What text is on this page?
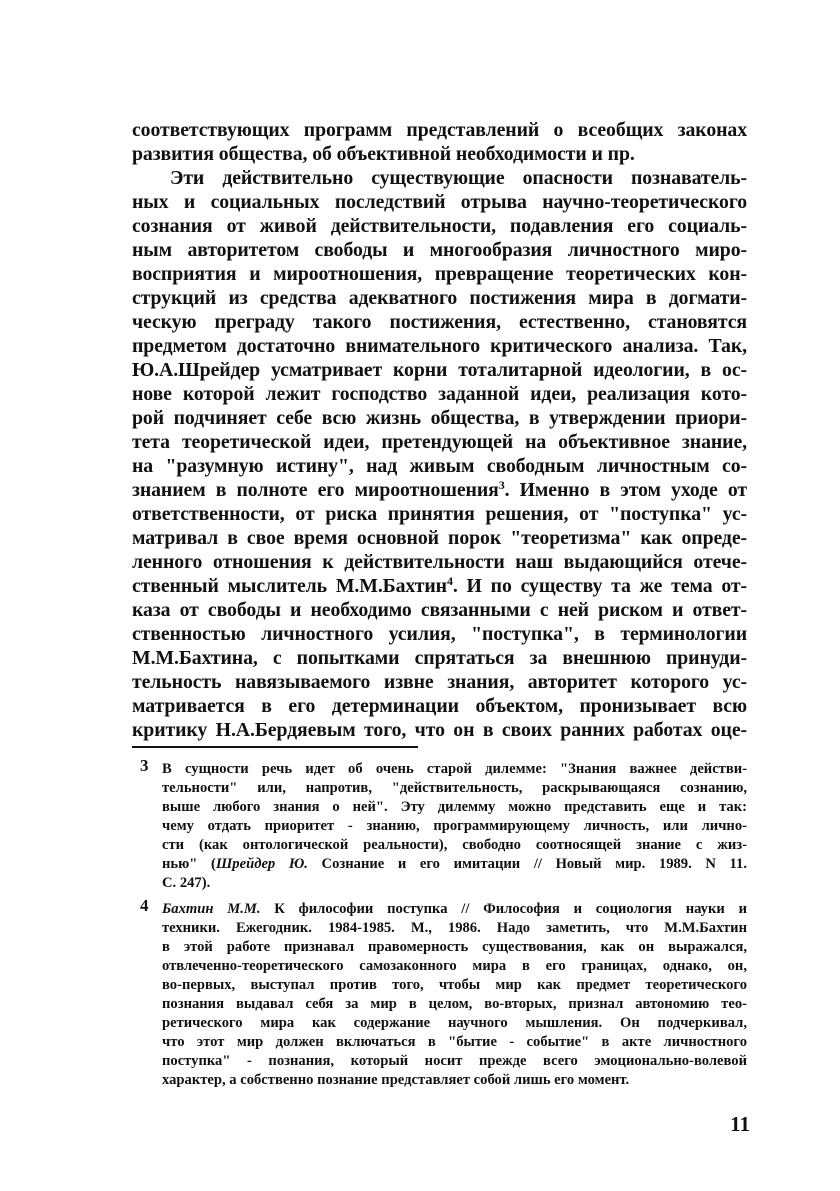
соответствующих программ представлений о всеобщих законах
развития общества, об объективной необходимости и пр.
Эти действительно существующие опасности познаватель-
ных и социальных последствий отрыва научно-теоретического
сознания от живой действительности, подавления его социаль-
ным авторитетом свободы и многообразия личностного миро-
восприятия и мироотношения, превращение теоретических кон-
струкций из средства адекватного постижения мира в догмати-
ческую преграду такого постижения, естественно, становятся
предметом достаточно внимательного критического анализа. Так,
Ю.А.Шрейдер усматривает корни тоталитарной идеологии, в ос-
нове которой лежит господство заданной идеи, реализация кото-
рой подчиняет себе всю жизнь общества, в утверждении приори-
тета теоретической идеи, претендующей на объективное знание,
на "разумную истину", над живым свободным личностным со-
знанием в полноте его мироотношения$^3$. Именно в этом уходе от
ответственности, от риска принятия решения, от "поступка" ус-
матривал в свое время основной порок "теоретизма" как опреде-
ленного отношения к действительности наш выдающийся отече-
ственный мыслитель М.М.Бахтин$^4$. И по существу та же тема от-
каза от свободы и необходимо связанными с ней риском и ответ-
ственностью личностного усилия, "поступка", в терминологии
М.М.Бахтина, с попытками спрятаться за внешнюю принуди-
тельность навязываемого извне знания, авторитет которого ус-
матривается в его детерминации объектом, пронизывает всю
критику Н.А.Бердяевым того, что он в своих ранних работах оце-
3 В сущности речь идет об очень старой дилемме: "Знания важнее действи-
тельности" или, напротив, "действительность, раскрывающаяся сознанию,
выше любого знания о ней". Эту дилемму можно представить еще и так:
чему отдать приоритет - знанию, программирующему личность, или лично-
сти (как онтологической реальности), свободно соотносящей знание с жиз-
нью" (Шрейдер Ю. Сознание и его имитации // Новый мир. 1989. N 11.
С. 247).
4 Бахтин М.М. К философии поступка // Философия и социология науки и
техники. Ежегодник. 1984-1985. М., 1986. Надо заметить, что М.М.Бахтин
в этой работе признавал правомерность существования, как он выражался,
отвлеченно-теоретического самозаконного мира в его границах, однако, он,
во-первых, выступал против того, чтобы мир как предмет теоретического
познания выдавал себя за мир в целом, во-вторых, признал автономию тео-
ретического мира как содержание научного мышления. Он подчеркивал,
что этот мир должен включаться в "бытие - событие" в акте личностного
поступка" - познания, который носит прежде всего эмоционально-волевой
характер, а собственно познание представляет собой лишь его момент.
11
